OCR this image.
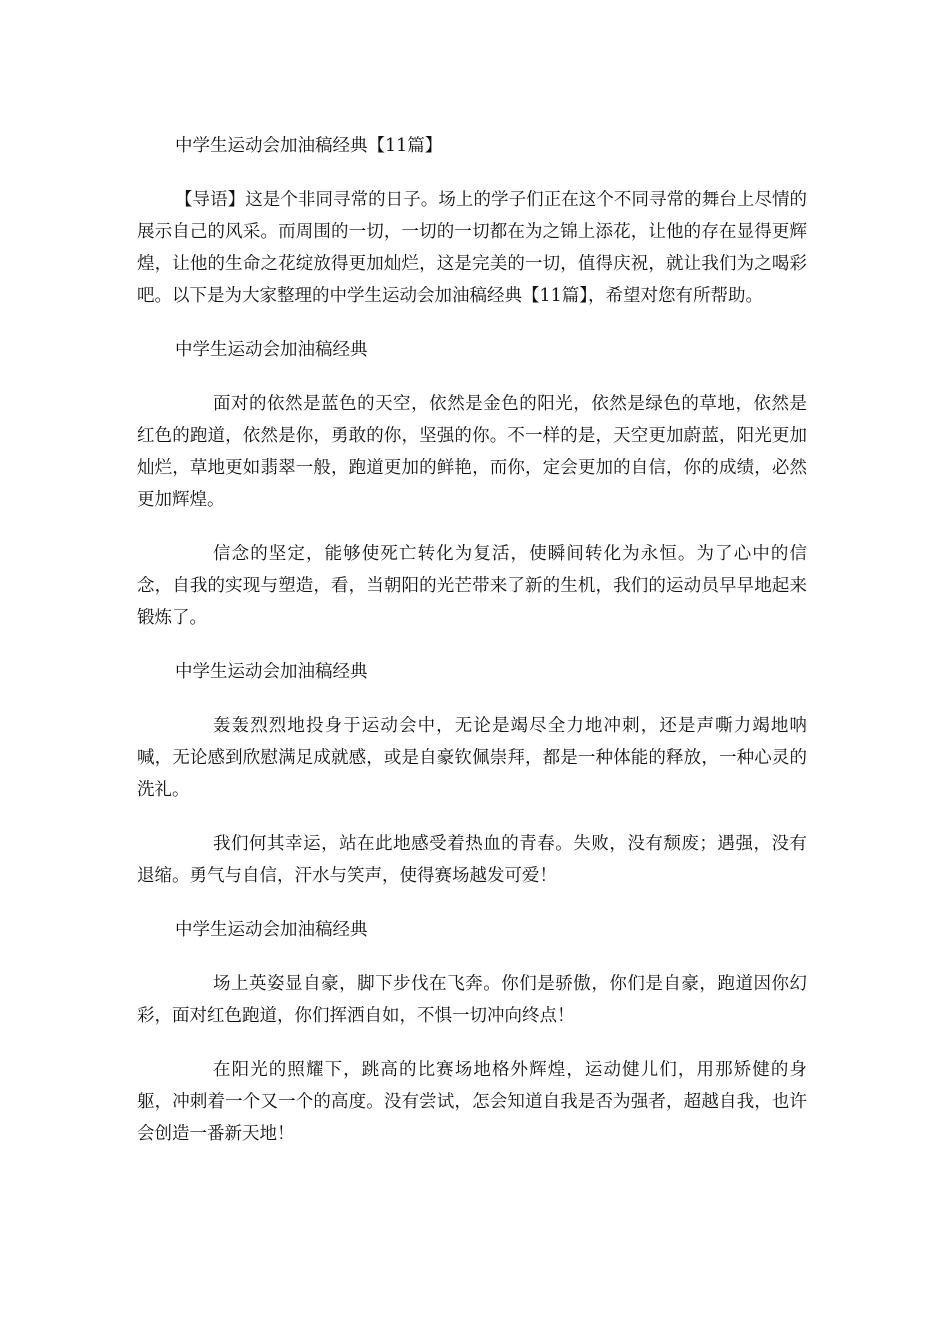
中学生运动会加油稿经典【11篇】

【导语】这是个非同寻常的日子。场上的学子们正在这个不同寻常的舞台上尽情的展示自己的风采。而周围的一切，一切的一切都在为之锦上添花，让他的存在显得更辉煌，让他的生命之花绽放得更加灿烂，这是完美的一切，值得庆祝，就让我们为之喝彩吧。以下是为大家整理的中学生运动会加油稿经典【11篇】，希望对您有所帮助。

中学生运动会加油稿经典

面对的依然是蓝色的天空，依然是金色的阳光，依然是绿色的草地，依然是红色的跑道，依然是你，勇敢的你，坚强的你。不一样的是，天空更加蔚蓝，阳光更加灿烂，草地更如翡翠一般，跑道更加的鲜艳，而你，定会更加的自信，你的成绩，必然更加辉煌。

信念的坚定，能够使死亡转化为复活，使瞬间转化为永恒。为了心中的信念，自我的实现与塑造，看，当朝阳的光芒带来了新的生机，我们的运动员早早地起来锻炼了。

中学生运动会加油稿经典

轰轰烈烈地投身于运动会中，无论是竭尽全力地冲刺，还是声嘶力竭地呐喊，无论感到欣慰满足成就感，或是自豪钦佩崇拜，都是一种体能的释放，一种心灵的洗礼。

我们何其幸运，站在此地感受着热血的青春。失败，没有颓废；遇强，没有退缩。勇气与自信，汗水与笑声，使得赛场越发可爱！

中学生运动会加油稿经典

场上英姿显自豪，脚下步伐在飞奔。你们是骄傲，你们是自豪，跑道因你幻彩，面对红色跑道，你们挥洒自如，不惧一切冲向终点！

在阳光的照耀下，跳高的比赛场地格外辉煌，运动健儿们，用那矫健的身躯，冲刺着一个又一个的高度。没有尝试，怎会知道自我是否为强者，超越自我，也许会创造一番新天地！
